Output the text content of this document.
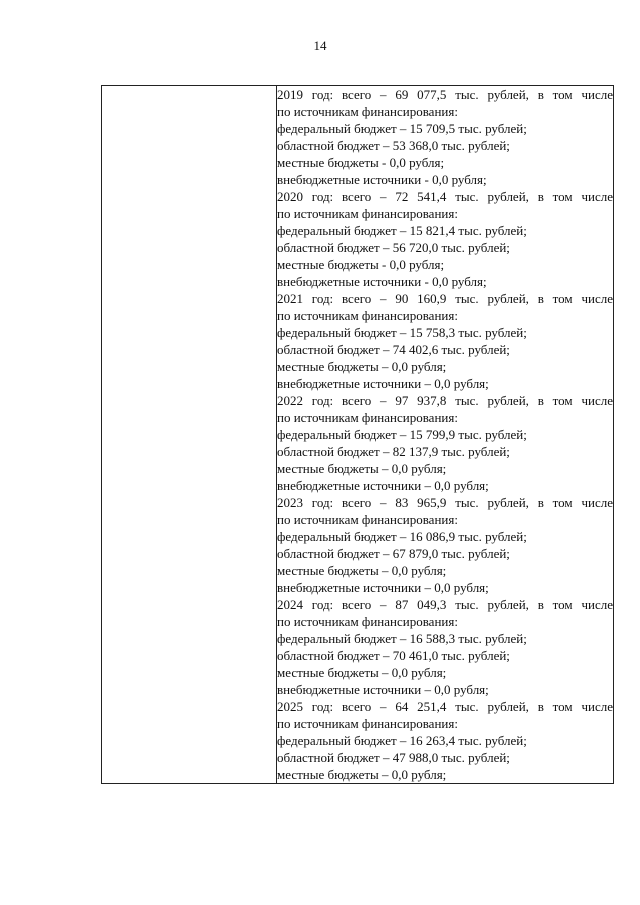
14

2019 год: всего – 69 077,5 тыс. рублей, в том числе
по источникам финансирования:
федеральный бюджет – 15 709,5 тыс. рублей;
областной бюджет – 53 368,0 тыс. рублей;
местные бюджеты - 0,0 рубля;
внебюджетные источники - 0,0 рубля;
2020 год: всего – 72 541,4 тыс. рублей, в том числе
по источникам финансирования:
федеральный бюджет – 15 821,4 тыс. рублей;
областной бюджет – 56 720,0 тыс. рублей;
местные бюджеты - 0,0 рубля;
внебюджетные источники - 0,0 рубля;
2021 год: всего – 90 160,9 тыс. рублей, в том числе
по источникам финансирования:
федеральный бюджет – 15 758,3 тыс. рублей;
областной бюджет – 74 402,6 тыс. рублей;
местные бюджеты – 0,0 рубля;
внебюджетные источники – 0,0 рубля;
2022 год: всего – 97 937,8 тыс. рублей, в том числе
по источникам финансирования:
федеральный бюджет – 15 799,9 тыс. рублей;
областной бюджет – 82 137,9 тыс. рублей;
местные бюджеты – 0,0 рубля;
внебюджетные источники – 0,0 рубля;
2023 год: всего – 83 965,9 тыс. рублей, в том числе
по источникам финансирования:
федеральный бюджет – 16 086,9 тыс. рублей;
областной бюджет – 67 879,0 тыс. рублей;
местные бюджеты – 0,0 рубля;
внебюджетные источники – 0,0 рубля;
2024 год: всего – 87 049,3 тыс. рублей, в том числе
по источникам финансирования:
федеральный бюджет – 16 588,3 тыс. рублей;
областной бюджет – 70 461,0 тыс. рублей;
местные бюджеты – 0,0 рубля;
внебюджетные источники – 0,0 рубля;
2025 год: всего – 64 251,4 тыс. рублей, в том числе
по источникам финансирования:
федеральный бюджет – 16 263,4 тыс. рублей;
областной бюджет – 47 988,0 тыс. рублей;
местные бюджеты – 0,0 рубля;
